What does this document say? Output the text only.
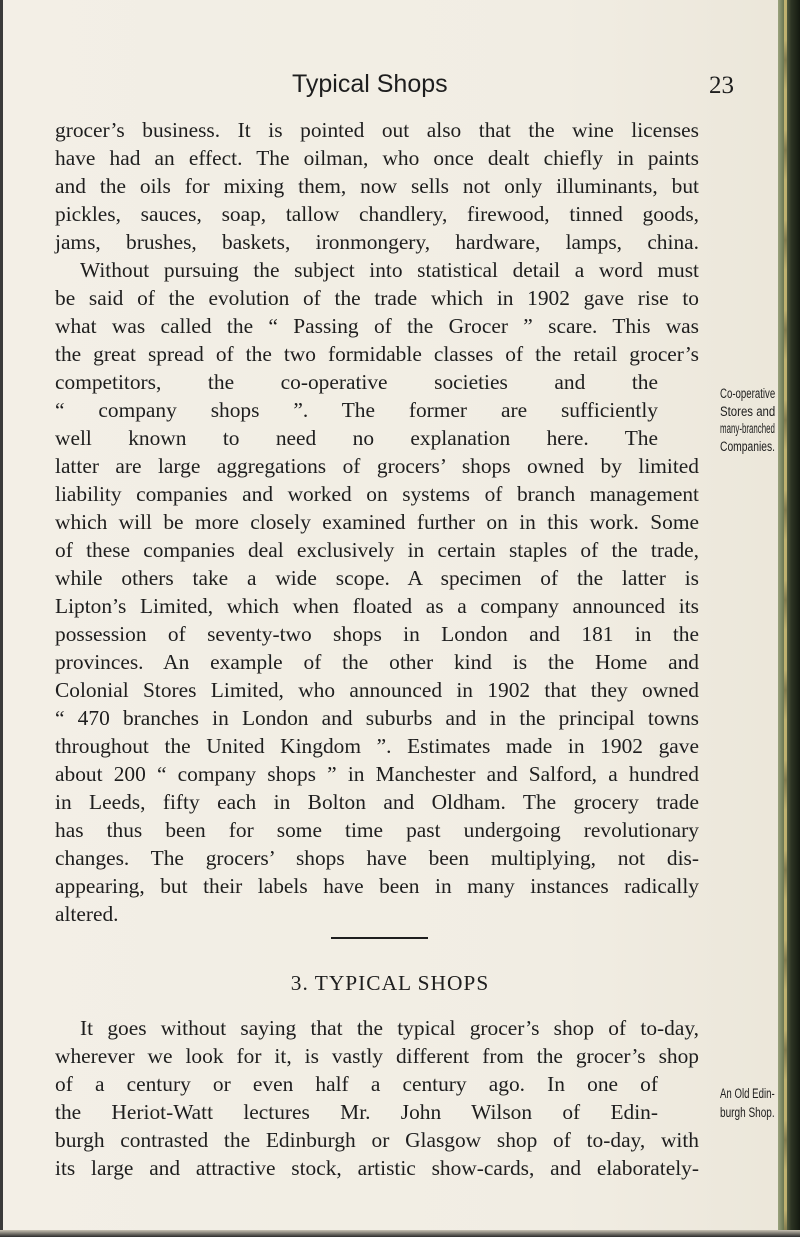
Typical Shops	23
grocer’s business. It is pointed out also that the wine licenses
have had an effect. The oilman, who once dealt chiefly in paints
and the oils for mixing them, now sells not only illuminants, but
pickles, sauces, soap, tallow chandlery, firewood, tinned goods,
jams, brushes, baskets, ironmongery, hardware, lamps, china.
Without pursuing the subject into statistical detail a word must
be said of the evolution of the trade which in 1902 gave rise to
what was called the “ Passing of the Grocer ” scare. This was
the great spread of the two formidable classes of the retail grocer’s
competitors, the co-operative societies and the
“ company shops ”. The former are sufficiently
well known to need no explanation here. The
latter are large aggregations of grocers’ shops owned by limited
liability companies and worked on systems of branch management
which will be more closely examined further on in this work. Some
of these companies deal exclusively in certain staples of the trade,
while others take a wide scope. A specimen of the latter is
Lipton’s Limited, which when floated as a company announced its
possession of seventy-two shops in London and 181 in the
provinces. An example of the other kind is the Home and
Colonial Stores Limited, who announced in 1902 that they owned
“ 470 branches in London and suburbs and in the principal towns
throughout the United Kingdom ”. Estimates made in 1902 gave
about 200 “ company shops ” in Manchester and Salford, a hundred
in Leeds, fifty each in Bolton and Oldham. The grocery trade
has thus been for some time past undergoing revolutionary
changes. The grocers’ shops have been multiplying, not dis-
appearing, but their labels have been in many instances radically
altered.
Co-operative
Stores and
many-branched
Companies.
3. TYPICAL SHOPS
It goes without saying that the typical grocer’s shop of to-day,
wherever we look for it, is vastly different from the grocer’s shop
of a century or even half a century ago. In one of
the Heriot-Watt lectures Mr. John Wilson of Edin-
burgh contrasted the Edinburgh or Glasgow shop of to-day, with
its large and attractive stock, artistic show-cards, and elaborately-
An Old Edin-
burgh Shop.
